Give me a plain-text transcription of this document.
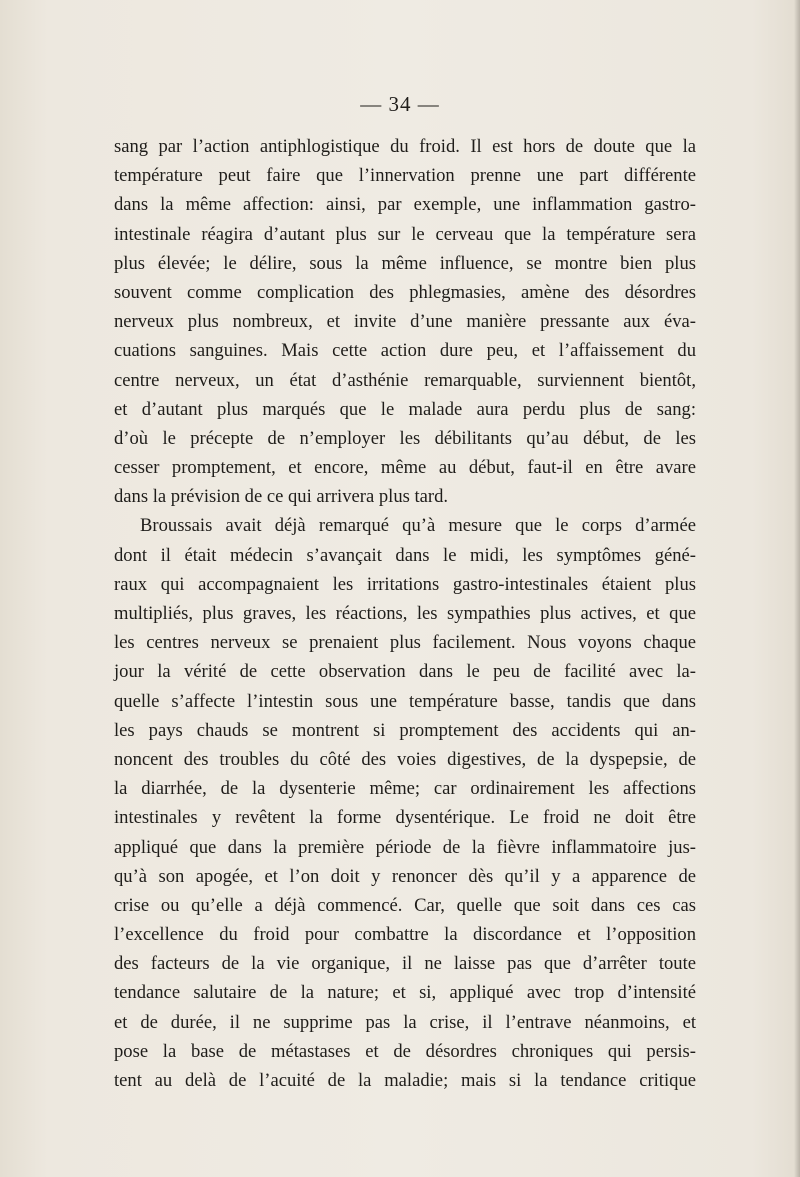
— 34 —
sang par l’action antiphlogistique du froid. Il est hors de doute que la
température peut faire que l’innervation prenne une part différente
dans la même affection: ainsi, par exemple, une inflammation gastro-
intestinale réagira d’autant plus sur le cerveau que la température sera
plus élevée; le délire, sous la même influence, se montre bien plus
souvent comme complication des phlegmasies, amène des désordres
nerveux plus nombreux, et invite d’une manière pressante aux éva-
cuations sanguines. Mais cette action dure peu, et l’affaissement du
centre nerveux, un état d’asthénie remarquable, surviennent bientôt,
et d’autant plus marqués que le malade aura perdu plus de sang:
d’où le précepte de n’employer les débilitants qu’au début, de les
cesser promptement, et encore, même au début, faut-il en être avare
dans la prévision de ce qui arrivera plus tard.
Broussais avait déjà remarqué qu’à mesure que le corps d’armée
dont il était médecin s’avançait dans le midi, les symptômes géné-
raux qui accompagnaient les irritations gastro-intestinales étaient plus
multipliés, plus graves, les réactions, les sympathies plus actives, et que
les centres nerveux se prenaient plus facilement. Nous voyons chaque
jour la vérité de cette observation dans le peu de facilité avec la-
quelle s’affecte l’intestin sous une température basse, tandis que dans
les pays chauds se montrent si promptement des accidents qui an-
noncent des troubles du côté des voies digestives, de la dyspepsie, de
la diarrhée, de la dysenterie même; car ordinairement les affections
intestinales y revêtent la forme dysentérique. Le froid ne doit être
appliqué que dans la première période de la fièvre inflammatoire jus-
qu’à son apogée, et l’on doit y renoncer dès qu’il y a apparence de
crise ou qu’elle a déjà commencé. Car, quelle que soit dans ces cas
l’excellence du froid pour combattre la discordance et l’opposition
des facteurs de la vie organique, il ne laisse pas que d’arrêter toute
tendance salutaire de la nature; et si, appliqué avec trop d’intensité
et de durée, il ne supprime pas la crise, il l’entrave néanmoins, et
pose la base de métastases et de désordres chroniques qui persis-
tent au delà de l’acuité de la maladie; mais si la tendance critique
